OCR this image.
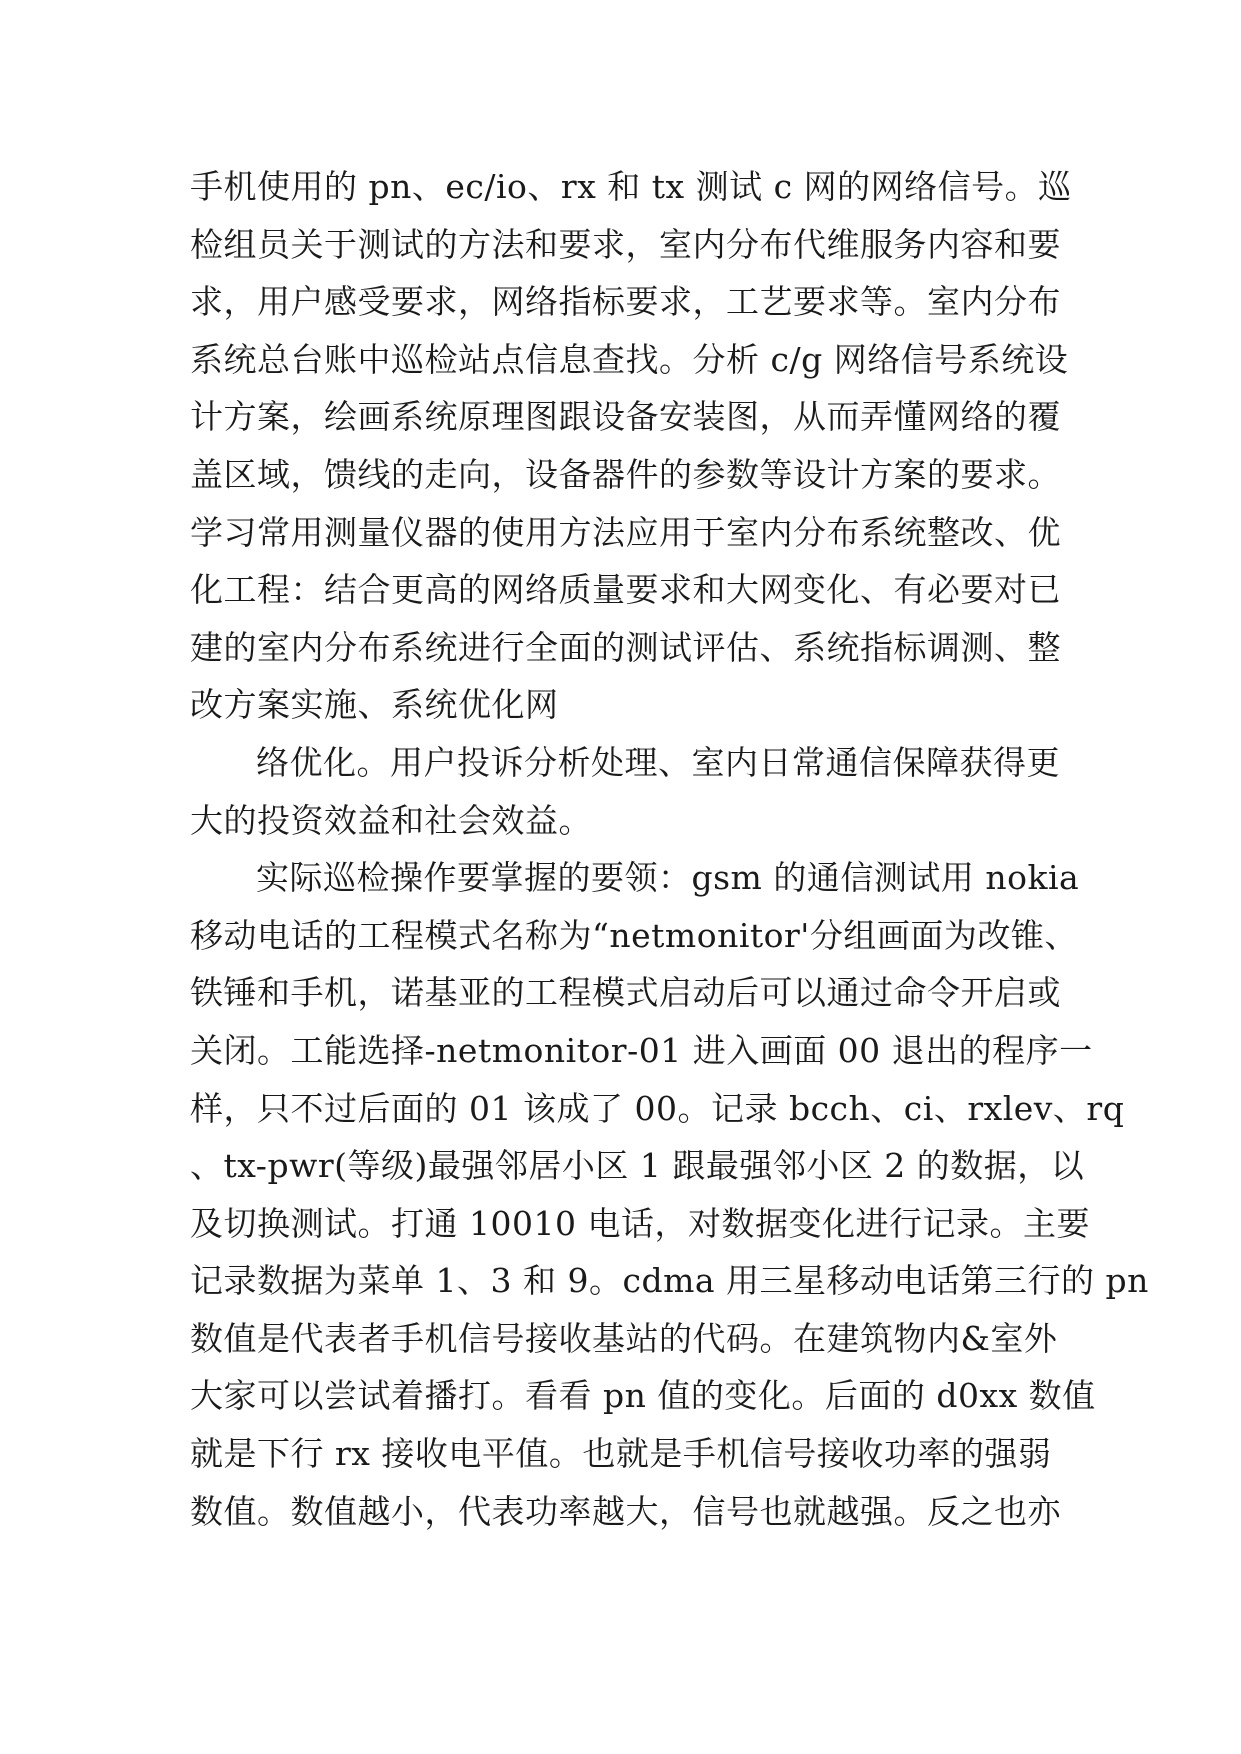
手机使用的 pn、ec/io、rx 和 tx 测试 c 网的网络信号。巡
检组员关于测试的方法和要求，室内分布代维服务内容和要
求，用户感受要求，网络指标要求，工艺要求等。室内分布
系统总台账中巡检站点信息查找。分析 c/g 网络信号系统设
计方案，绘画系统原理图跟设备安装图，从而弄懂网络的覆
盖区域，馈线的走向，设备器件的参数等设计方案的要求。
学习常用测量仪器的使用方法应用于室内分布系统整改、优
化工程：结合更高的网络质量要求和大网变化、有必要对已
建的室内分布系统进行全面的测试评估、系统指标调测、整
改方案实施、系统优化网
络优化。用户投诉分析处理、室内日常通信保障获得更
大的投资效益和社会效益。
实际巡检操作要掌握的要领：gsm 的通信测试用 nokia
移动电话的工程模式名称为“netmonitor'分组画面为改锥、
铁锤和手机，诺基亚的工程模式启动后可以通过命令开启或
关闭。工能选择-netmonitor-01 进入画面 00 退出的程序一
样，只不过后面的 01 该成了 00。记录 bcch、ci、rxlev、rq
、tx-pwr(等级)最强邻居小区 1 跟最强邻小区 2 的数据，以
及切换测试。打通 10010 电话，对数据变化进行记录。主要
记录数据为菜单 1、3 和 9。cdma 用三星移动电话第三行的 pn
数值是代表者手机信号接收基站的代码。在建筑物内&室外
大家可以尝试着播打。看看 pn 值的变化。后面的 d0xx 数值
就是下行 rx 接收电平值。也就是手机信号接收功率的强弱
数值。数值越小，代表功率越大，信号也就越强。反之也亦
